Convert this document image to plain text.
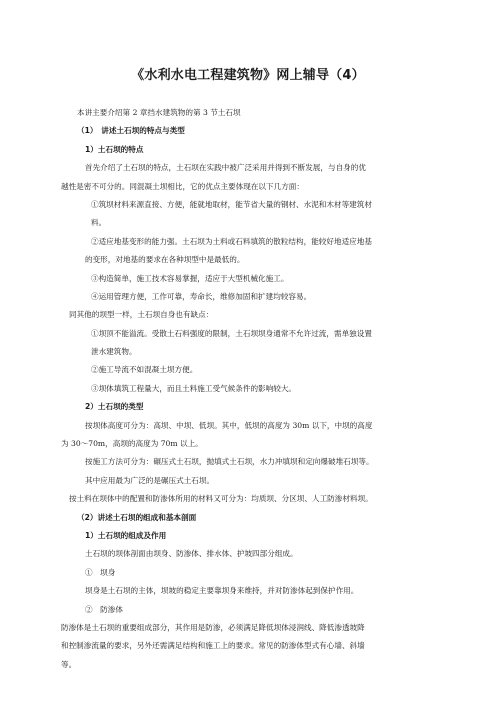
《水利水电工程建筑物》网上辅导（4）
本讲主要介绍第 2 章挡水建筑物的第 3 节土石坝
（1）　讲述土石坝的特点与类型
1）土石坝的特点
首先介绍了土石坝的特点，土石坝在实践中被广泛采用并得到不断发展，与自身的优
越性是密不可分的。同混凝土坝相比，它的优点主要体现在以下几方面：
①筑坝材料来源直接、方便，能就地取材，能节省大量的钢材、水泥和木材等建筑材
料。
②适应地基变形的能力强。土石坝为土料或石料填筑的散粒结构，能较好地适应地基
的变形，对地基的要求在各种坝型中是最低的。
③构造简单，施工技术容易掌握，适应于大型机械化施工。
④运用管理方便，工作可靠，寿命长，维修加固和扩建均较容易。
同其他的坝型一样，土石坝自身也有缺点：
①坝顶不能溢流。受散土石料强度的限制，土石坝坝身通常不允许过流，需单独设置
泄水建筑物。
②施工导流不如混凝土坝方便。
③坝体填筑工程量大，而且土料施工受气候条件的影响较大。
2）土石坝的类型
按坝体高度可分为：高坝、中坝、低坝。其中，低坝的高度为 30m 以下，中坝的高度
为 30～70m，高坝的高度为 70m 以上。
按施工方法可分为：碾压式土石坝，抛填式土石坝，水力冲填坝和定向爆破堆石坝等。
其中应用最为广泛的是碾压式土石坝。
按土料在坝体中的配置和防渗体所用的材料又可分为：均质坝、分区坝、人工防渗材料坝。
（2）讲述土石坝的组成和基本剖面
1）土石坝的组成及作用
土石坝的坝体剖面由坝身、防渗体、排水体、护坡四部分组成。
①　坝身
坝身是土石坝的主体，坝坡的稳定主要靠坝身来维持，并对防渗体起到保护作用。
②　防渗体
防渗体是土石坝的重要组成部分，其作用是防渗，必须满足降低坝体浸润线、降低渗透坡降
和控制渗流量的要求，另外还需满足结构和施工上的要求。常见的防渗体型式有心墙、斜墙
等。
